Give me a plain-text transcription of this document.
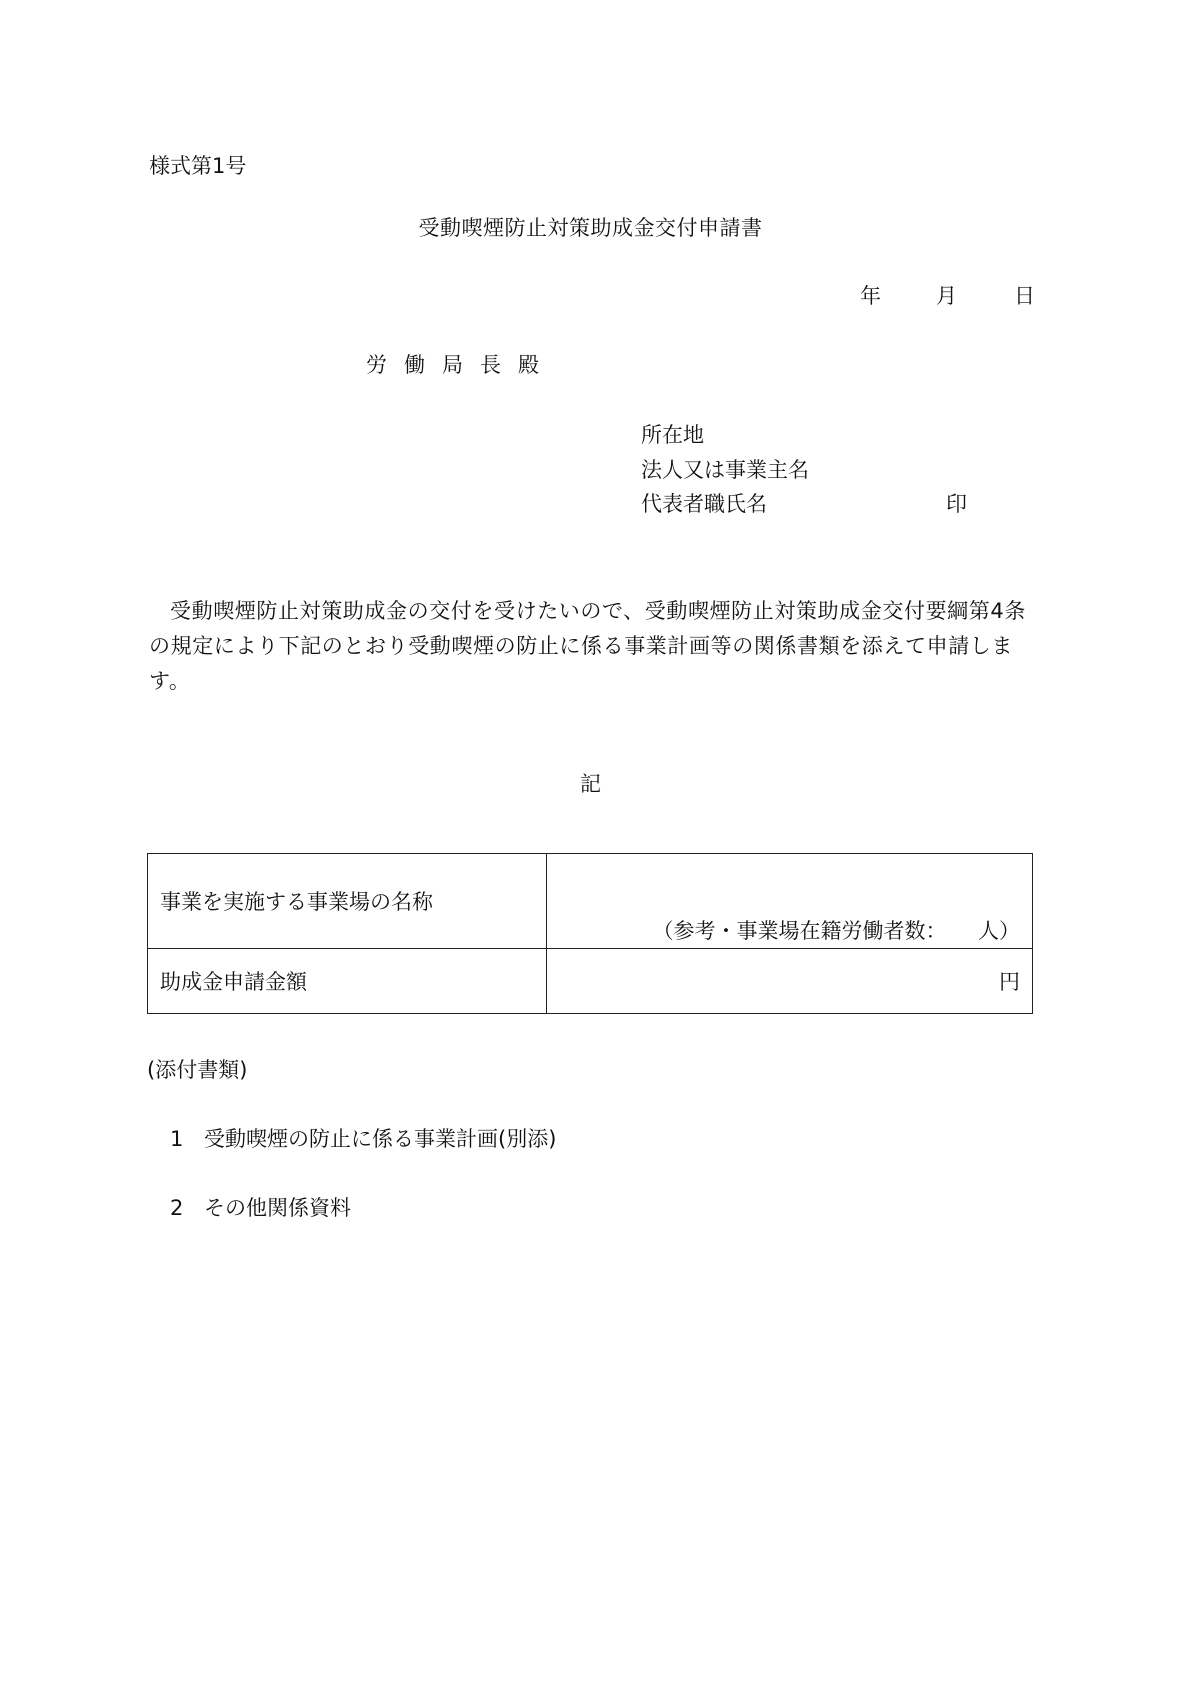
様式第1号
受動喫煙防止対策助成金交付申請書
年	月	日
労働局長殿
所在地
法人又は事業主名
代表者職氏名	印
受動喫煙防止対策助成金の交付を受けたいので、受動喫煙防止対策助成金交付要綱第4条の規定により下記のとおり受動喫煙の防止に係る事業計画等の関係書類を添えて申請します。
記
事業を実施する事業場の名称	（参考・事業場在籍労働者数：　　人）

助成金申請金額	円
(添付書類)
1 受動喫煙の防止に係る事業計画(別添)
2 その他関係資料
